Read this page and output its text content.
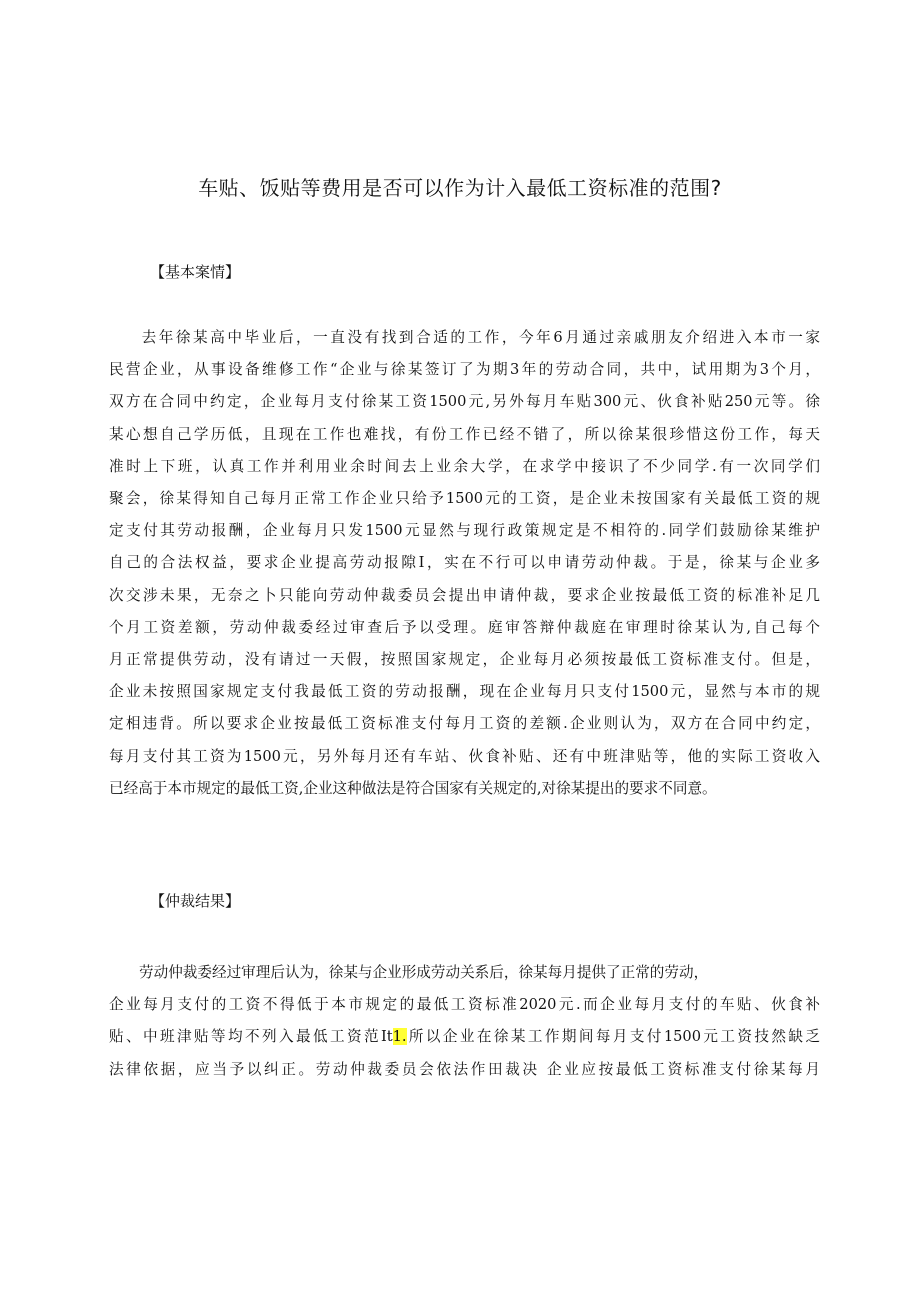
车贴、饭贴等费用是否可以作为计入最低工资标准的范围?
【基本案情】
去年徐某高中毕业后，一直没有找到合适的工作，今年6月通过亲戚朋友介绍进入本市一家
民营企业，从事设备维修工作“企业与徐某签订了为期3年的劳动合同，共中，试用期为3个月，
双方在合同中约定，企业每月支付徐某工资1500元,另外每月车贴300元、伙食补贴250元等。徐
某心想自己学历低，且现在工作也难找，有份工作已经不错了，所以徐某很珍惜这份工作，每天
准时上下班，认真工作并利用业余时间去上业余大学，在求学中接识了不少同学.有一次同学们
聚会，徐某得知自己每月正常工作企业只给予1500元的工资，是企业未按国家有关最低工资的规
定支付其劳动报酬，企业每月只发1500元显然与现行政策规定是不相符的.同学们鼓励徐某维护
自己的合法权益，要求企业提高劳动报隙I，实在不行可以申请劳动仲裁。于是，徐某与企业多
次交涉未果，无奈之卜只能向劳动仲裁委员会提出申请仲裁，要求企业按最低工资的标准补足几
个月工资差额，劳动仲裁委经过审查后予以受理。庭审答辩仲裁庭在审理时徐某认为,自己每个
月正常提供劳动，没有请过一天假，按照国家规定，企业每月必须按最低工资标准支付。但是，
企业未按照国家规定支付我最低工资的劳动报酬，现在企业每月只支付1500元，显然与本市的规
定相违背。所以要求企业按最低工资标准支付每月工资的差额.企业则认为，双方在合同中约定，
每月支付其工资为1500元，另外每月还有车站、伙食补贴、还有中班津贴等，他的实际工资收入
已经高于本市规定的最低工资,企业这种做法是符合国家有关规定的,对徐某提出的要求不同意。
【仲裁结果】
劳动仲裁委经过审理后认为，徐某与企业形成劳动关系后，徐某每月提供了正常的劳动，
企业每月支付的工资不得低于本市规定的最低工资标准2020元.而企业每月支付的车贴、伙食补
贴、中班津贴等均不列入最低工资范It1.所以企业在徐某工作期间每月支付1500元工资技然缺乏
法律依据，应当予以纠正。劳动仲裁委员会依法作田裁决 企业应按最低工资标准支付徐某每月
